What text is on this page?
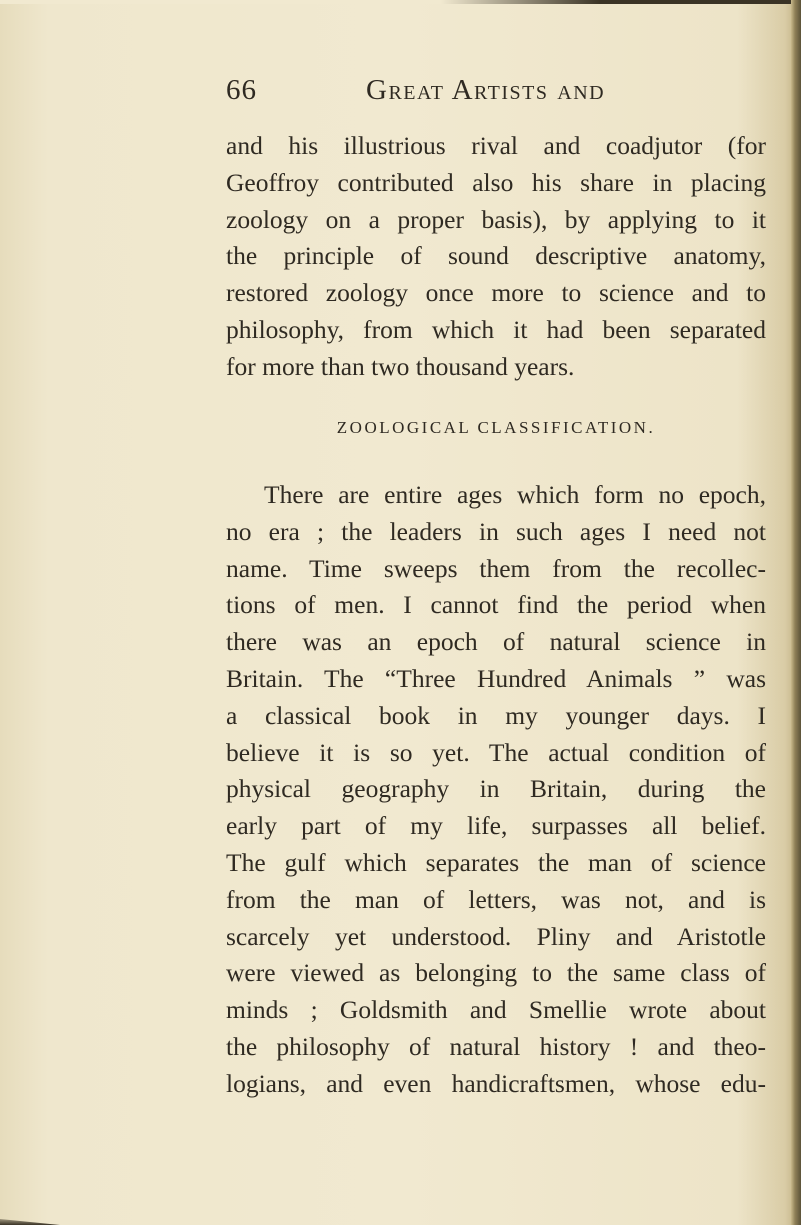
66	Great Artists and
and his illustrious rival and coadjutor (for
Geoffroy contributed also his share in placing
zoology on a proper basis), by applying to it
the principle of sound descriptive anatomy,
restored zoology once more to science and to
philosophy, from which it had been separated
for more than two thousand years.
ZOOLOGICAL CLASSIFICATION.
There are entire ages which form no epoch,
no era ; the leaders in such ages I need not
name. Time sweeps them from the recollec-
tions of men. I cannot find the period when
there was an epoch of natural science in
Britain. The “Three Hundred Animals ” was
a classical book in my younger days. I
believe it is so yet. The actual condition of
physical geography in Britain, during the
early part of my life, surpasses all belief.
The gulf which separates the man of science
from the man of letters, was not, and is
scarcely yet understood. Pliny and Aristotle
were viewed as belonging to the same class of
minds ; Goldsmith and Smellie wrote about
the philosophy of natural history ! and theo-
logians, and even handicraftsmen, whose edu-
